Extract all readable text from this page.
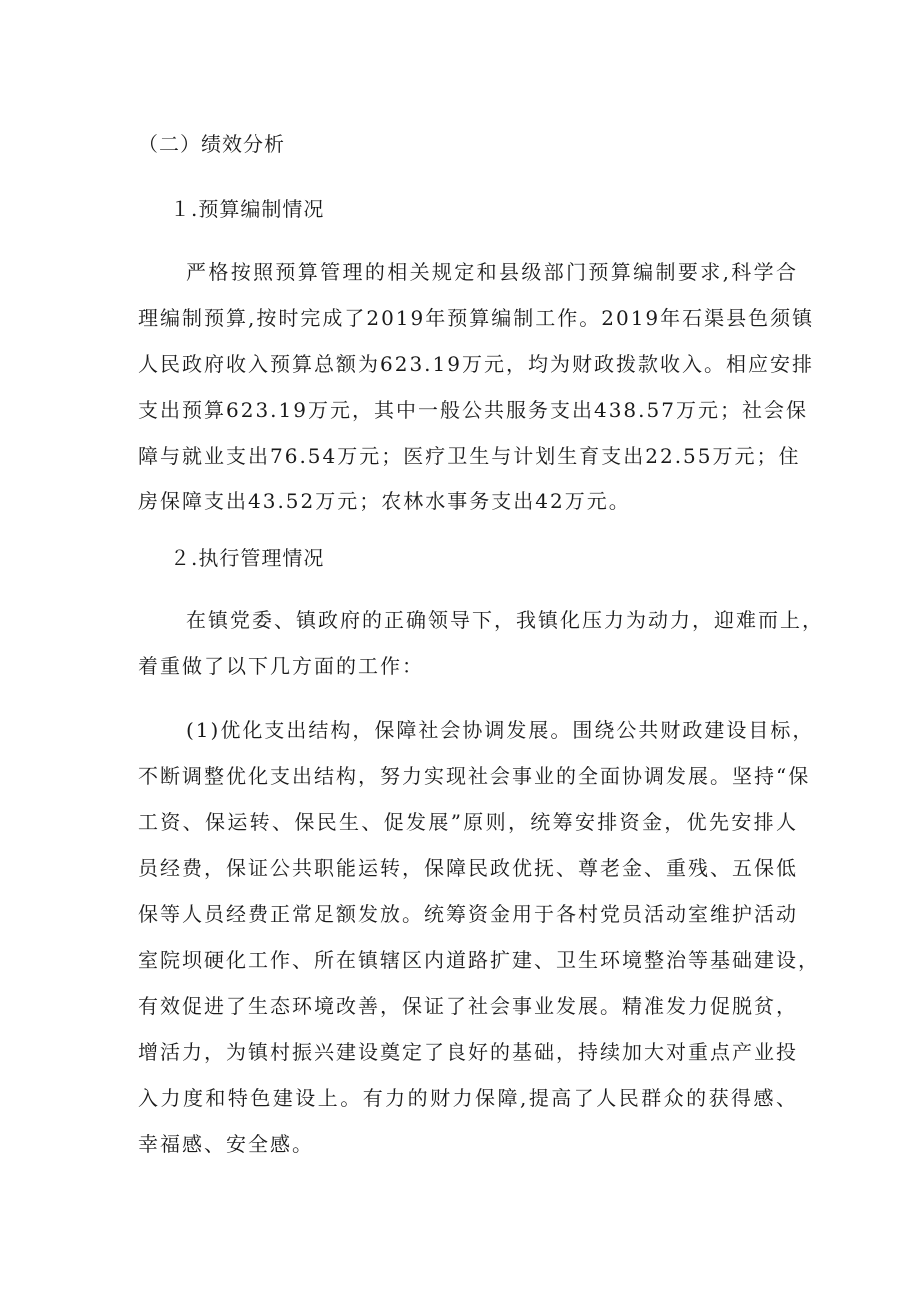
（二）绩效分析
１.预算编制情况
严格按照预算管理的相关规定和县级部门预算编制要求,科学合
理编制预算,按时完成了2019年预算编制工作。2019年石渠县色须镇
人民政府收入预算总额为623.19万元，均为财政拨款收入。相应安排
支出预算623.19万元，其中一般公共服务支出438.57万元；社会保
障与就业支出76.54万元；医疗卫生与计划生育支出22.55万元；住
房保障支出43.52万元；农林水事务支出42万元。
２.执行管理情况
在镇党委、镇政府的正确领导下，我镇化压力为动力，迎难而上，
着重做了以下几方面的工作：
(1)优化支出结构，保障社会协调发展。围绕公共财政建设目标，
不断调整优化支出结构，努力实现社会事业的全面协调发展。坚持“保
工资、保运转、保民生、促发展”原则，统筹安排资金，优先安排人
员经费，保证公共职能运转，保障民政优抚、尊老金、重残、五保低
保等人员经费正常足额发放。统筹资金用于各村党员活动室维护活动
室院坝硬化工作、所在镇辖区内道路扩建、卫生环境整治等基础建设，
有效促进了生态环境改善，保证了社会事业发展。精准发力促脱贫，
增活力，为镇村振兴建设奠定了良好的基础，持续加大对重点产业投
入力度和特色建设上。有力的财力保障,提高了人民群众的获得感、
幸福感、安全感。
